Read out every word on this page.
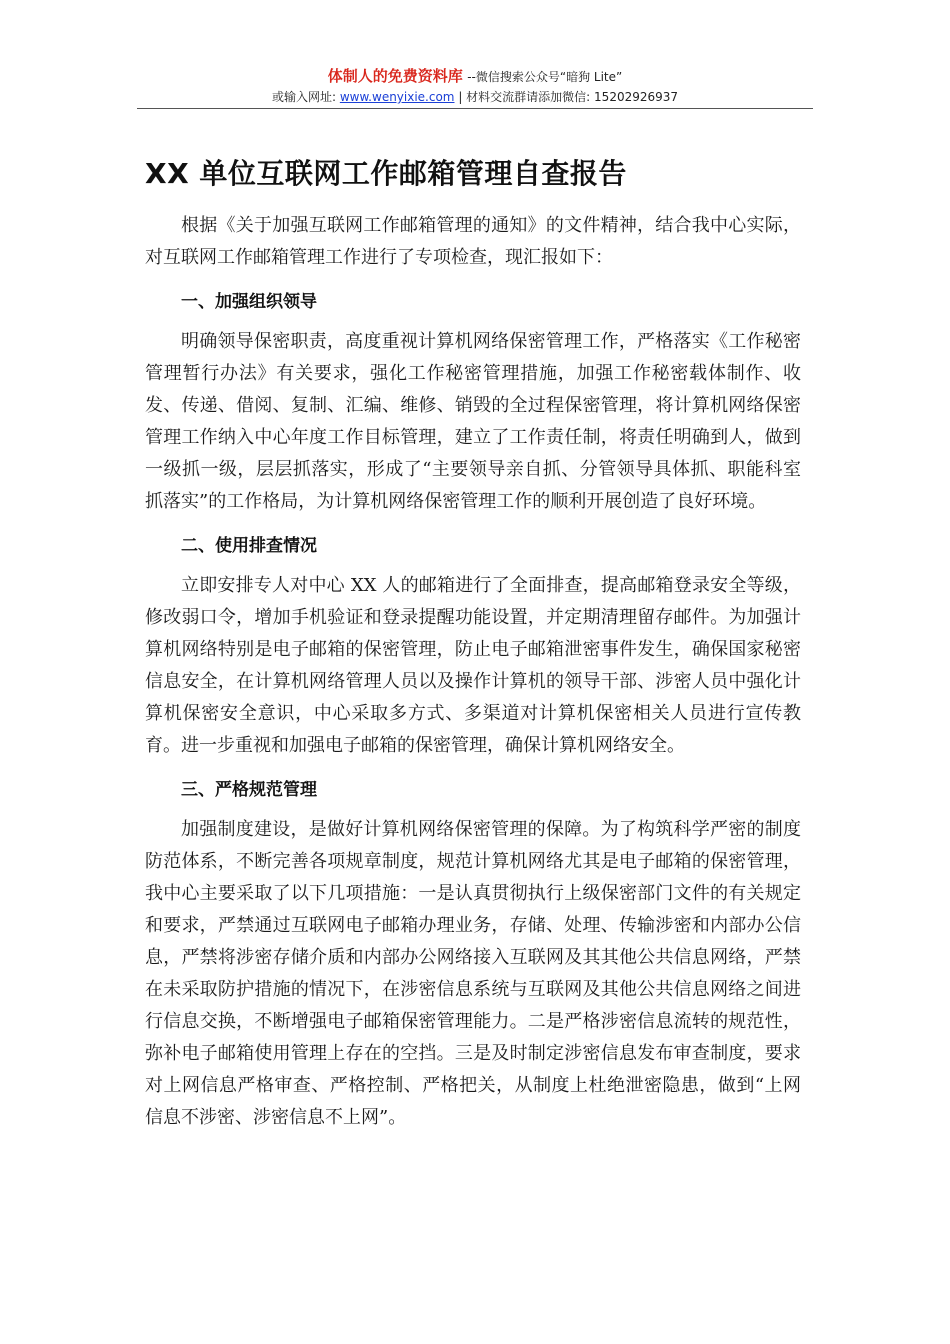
体制人的免费资料库 --微信搜索公众号“暗狗 Lite”
或输入网址: www.wenyixie.com | 材料交流群请添加微信: 15202926937
XX 单位互联网工作邮箱管理自查报告

根据《关于加强互联网工作邮箱管理的通知》的文件精神，结合我中心实际，对互联网工作邮箱管理工作进行了专项检查，现汇报如下：

一、加强组织领导

明确领导保密职责，高度重视计算机网络保密管理工作，严格落实《工作秘密管理暂行办法》有关要求，强化工作秘密管理措施，加强工作秘密载体制作、收发、传递、借阅、复制、汇编、维修、销毁的全过程保密管理，将计算机网络保密管理工作纳入中心年度工作目标管理，建立了工作责任制，将责任明确到人，做到一级抓一级，层层抓落实，形成了“主要领导亲自抓、分管领导具体抓、职能科室抓落实”的工作格局，为计算机网络保密管理工作的顺利开展创造了良好环境。

二、使用排查情况

立即安排专人对中心 XX 人的邮箱进行了全面排查，提高邮箱登录安全等级，修改弱口令，增加手机验证和登录提醒功能设置，并定期清理留存邮件。为加强计算机网络特别是电子邮箱的保密管理，防止电子邮箱泄密事件发生，确保国家秘密信息安全，在计算机网络管理人员以及操作计算机的领导干部、涉密人员中强化计算机保密安全意识，中心采取多方式、多渠道对计算机保密相关人员进行宣传教育。进一步重视和加强电子邮箱的保密管理，确保计算机网络安全。

三、严格规范管理

加强制度建设，是做好计算机网络保密管理的保障。为了构筑科学严密的制度防范体系，不断完善各项规章制度，规范计算机网络尤其是电子邮箱的保密管理，我中心主要采取了以下几项措施：一是认真贯彻执行上级保密部门文件的有关规定和要求，严禁通过互联网电子邮箱办理业务，存储、处理、传输涉密和内部办公信息，严禁将涉密存储介质和内部办公网络接入互联网及其其他公共信息网络，严禁在未采取防护措施的情况下，在涉密信息系统与互联网及其他公共信息网络之间进行信息交换，不断增强电子邮箱保密管理能力。二是严格涉密信息流转的规范性，弥补电子邮箱使用管理上存在的空挡。三是及时制定涉密信息发布审查制度，要求对上网信息严格审查、严格控制、严格把关，从制度上杜绝泄密隐患，做到“上网信息不涉密、涉密信息不上网”。
